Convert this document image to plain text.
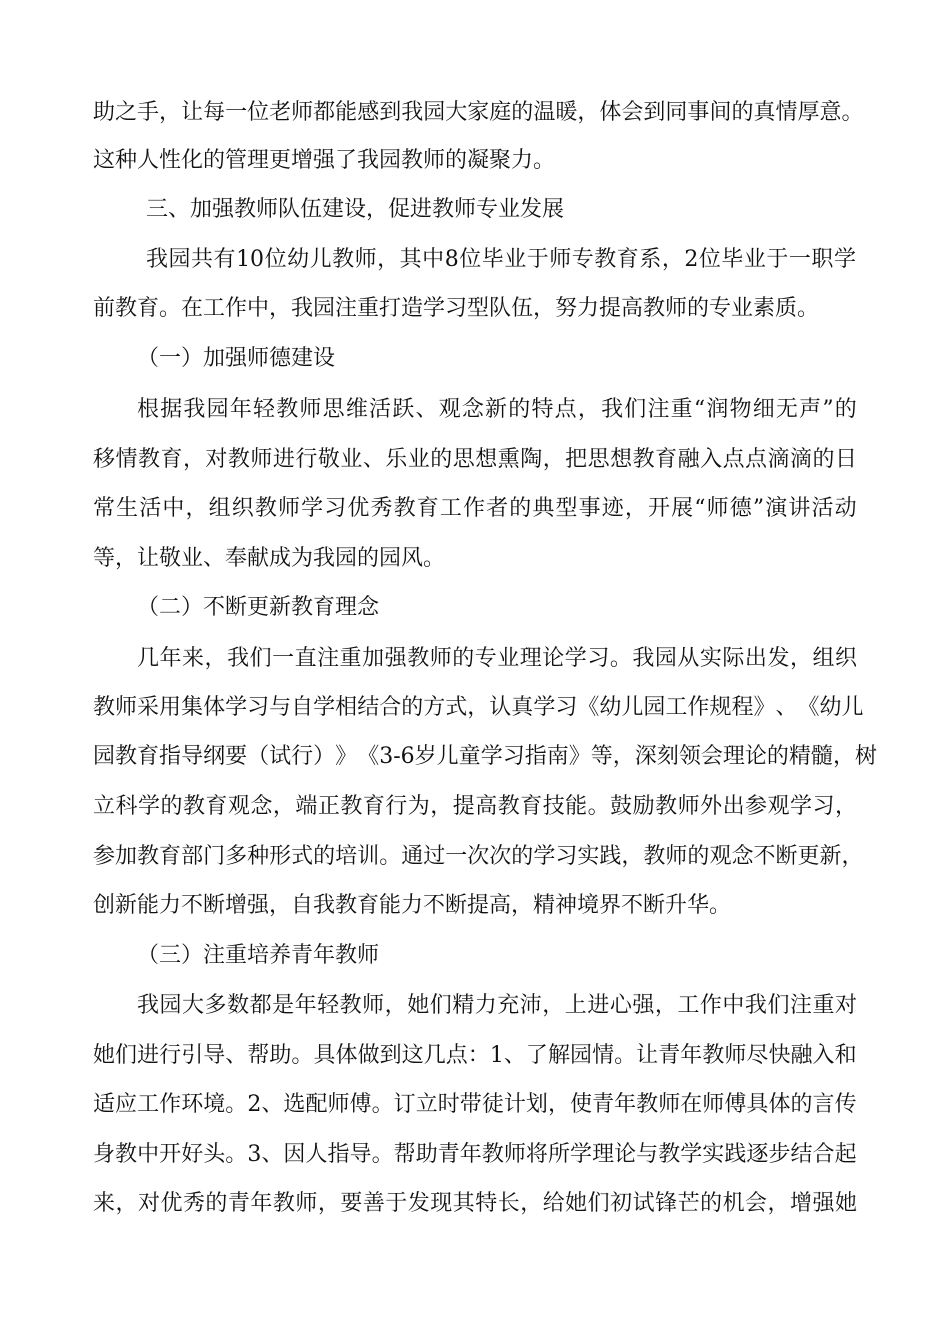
助 之 手 ， 让 每 一 位 老 师 都 能 感 到 我 园 大 家 庭 的 温 暖 ， 体 会 到 同 事 间 的 真 情 厚 意 。
这种人性化的管理更增强了我园教师的凝聚力。
三、加强教师队伍建设，促进教师专业发展
我 园 共 有 10 位 幼 儿 教 师 ， 其 中 8 位 毕 业 于 师 专 教 育 系 ， 2 位 毕 业 于 一 职 学
前教育。在工作中，我园注重打造学习型队伍，努力提高教师的专业素质。
（一）加强师德建设
根 据 我 园 年 轻 教 师 思 维 活 跃 、 观 念 新 的 特 点 ， 我 们 注 重 “ 润 物 细 无 声 ” 的
移 情 教 育 ， 对 教 师 进 行 敬 业 、 乐 业 的 思 想 熏 陶 ， 把 思 想 教 育 融 入 点 点 滴 滴 的 日
常 生 活 中 ， 组 织 教 师 学 习 优 秀 教 育 工 作 者 的 典 型 事 迹 ， 开 展 “ 师 德 ” 演 讲 活 动
等，让敬业、奉献成为我园的园风。
（二）不断更新教育理念
几 年 来 ， 我 们 一 直 注 重 加 强 教 师 的 专 业 理 论 学 习 。 我 园 从 实 际 出 发 ， 组 织
教 师 采 用 集 体 学 习 与 自 学 相 结 合 的 方 式 ， 认 真 学 习 《 幼 儿 园 工 作 规 程 》 、 《 幼 儿
园 教 育 指 导 纲 要 （ 试 行 ） 》 《 3-6 岁 儿 童 学 习 指 南 》 等 ， 深 刻 领 会 理 论 的 精 髓 ， 树
立 科 学 的 教 育 观 念 ， 端 正 教 育 行 为 ， 提 高 教 育 技 能 。 鼓 励 教 师 外 出 参 观 学 习 ，
参 加 教 育 部 门 多 种 形 式 的 培 训 。 通 过 一 次 次 的 学 习 实 践 ， 教 师 的 观 念 不 断 更 新 ，
创新能力不断增强，自我教育能力不断提高，精神境界不断升华。
（三）注重培养青年教师
我 园 大 多 数 都 是 年 轻 教 师 ， 她 们 精 力 充 沛 ， 上 进 心 强 ， 工 作 中 我 们 注 重 对
她 们 进 行 引 导 、 帮 助 。 具 体 做 到 这 几 点 ： 1 、 了 解 园 情 。 让 青 年 教 师 尽 快 融 入 和
适 应 工 作 环 境 。 2 、 选 配 师 傅 。 订 立 时 带 徒 计 划 ， 使 青 年 教 师 在 师 傅 具 体 的 言 传
身 教 中 开 好 头 。 3 、 因 人 指 导 。 帮 助 青 年 教 师 将 所 学 理 论 与 教 学 实 践 逐 步 结 合 起
来 ， 对 优 秀 的 青 年 教 师 ， 要 善 于 发 现 其 特 长 ， 给 她 们 初 试 锋 芒 的 机 会 ， 增 强 她
